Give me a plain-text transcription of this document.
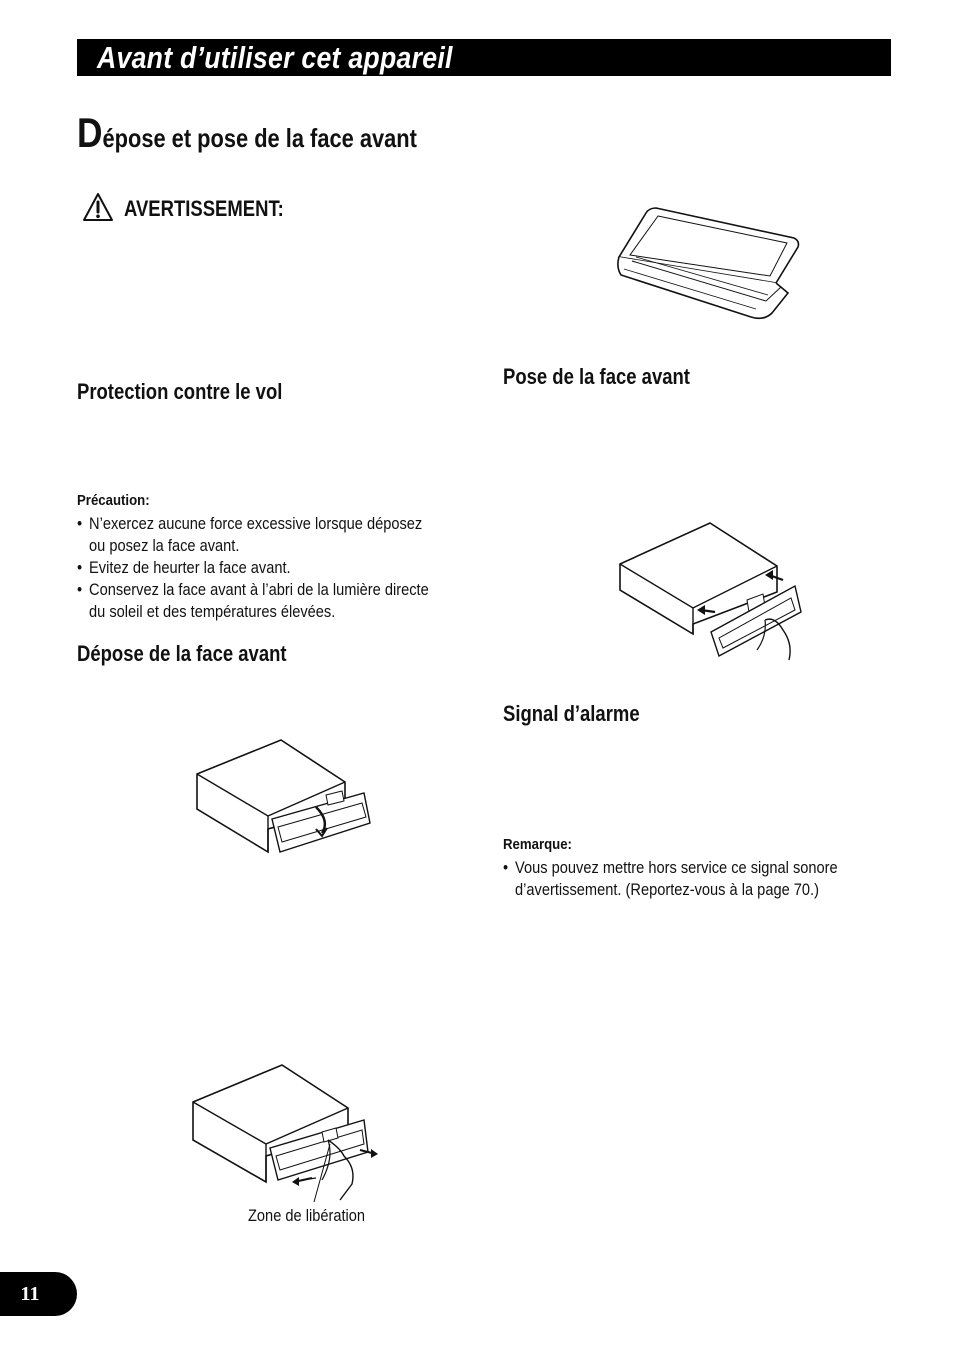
Avant d’utiliser cet appareil
Dépose et pose de la face avant
AVERTISSEMENT:
Protection contre le vol
Précaution:
• N’exercez aucune force excessive lorsque déposez
ou posez la face avant.
• Evitez de heurter la face avant.
• Conservez la face avant à l’abri de la lumière directe
du soleil et des températures élevées.
Dépose de la face avant
Pose de la face avant
Signal d’alarme
Remarque:
• Vous pouvez mettre hors service ce signal sonore
d’avertissement. (Reportez-vous à la page 70.)
Zone de libération
11
